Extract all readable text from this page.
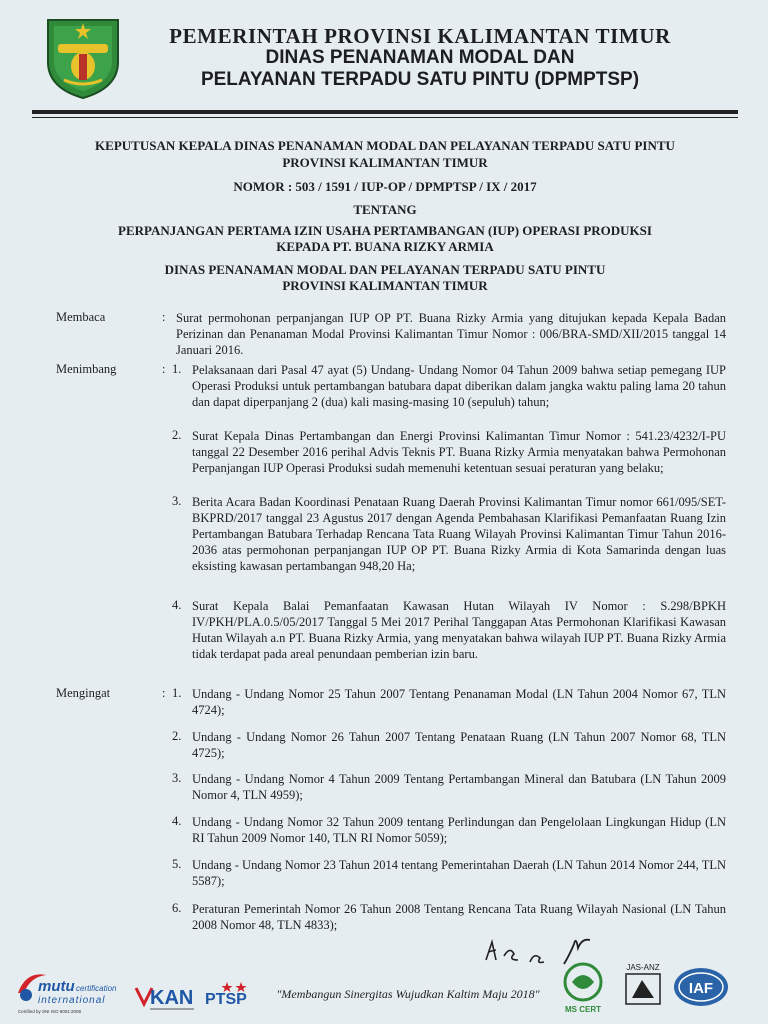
PEMERINTAH PROVINSI KALIMANTAN TIMUR
DINAS PENANAMAN MODAL DAN
PELAYANAN TERPADU SATU PINTU (DPMPTSP)
KEPUTUSAN KEPALA DINAS PENANAMAN MODAL DAN PELAYANAN TERPADU SATU PINTU
PROVINSI KALIMANTAN TIMUR
NOMOR : 503 / 1591 / IUP-OP / DPMPTSP / IX / 2017
TENTANG
PERPANJANGAN PERTAMA IZIN USAHA PERTAMBANGAN (IUP) OPERASI PRODUKSI
KEPADA PT. BUANA RIZKY ARMIA
DINAS PENANAMAN MODAL DAN PELAYANAN TERPADU SATU PINTU
PROVINSI KALIMANTAN TIMUR
Membaca	: Surat permohonan perpanjangan IUP OP PT. Buana Rizky Armia yang ditujukan kepada Kepala Badan Perizinan dan Penanaman Modal Provinsi Kalimantan Timur Nomor : 006/BRA-SMD/XII/2015 tanggal 14 Januari 2016.
Menimbang	: 1. Pelaksanaan dari Pasal 47 ayat (5) Undang- Undang Nomor 04 Tahun 2009 bahwa setiap pemegang IUP Operasi Produksi untuk pertambangan batubara dapat diberikan dalam jangka waktu paling lama 20 tahun dan dapat diperpanjang 2 (dua) kali masing-masing 10 (sepuluh) tahun;
2. Surat Kepala Dinas Pertambangan dan Energi Provinsi Kalimantan Timur Nomor : 541.23/4232/I-PU tanggal 22 Desember 2016 perihal Advis Teknis PT. Buana Rizky Armia menyatakan bahwa Permohonan Perpanjangan IUP Operasi Produksi sudah memenuhi ketentuan sesuai peraturan yang belaku;
3. Berita Acara Badan Koordinasi Penataan Ruang Daerah Provinsi Kalimantan Timur nomor 661/095/SET-BKPRD/2017 tanggal 23 Agustus 2017 dengan Agenda Pembahasan Klarifikasi Pemanfaatan Ruang Izin Pertambangan Batubara Terhadap Rencana Tata Ruang Wilayah Provinsi Kalimantan Timur Tahun 2016-2036 atas permohonan perpanjangan IUP OP PT. Buana Rizky Armia di Kota Samarinda dengan luas eksisting kawasan pertambangan 948,20 Ha;
4. Surat Kepala Balai Pemanfaatan Kawasan Hutan Wilayah IV Nomor : S.298/BPKH IV/PKH/PLA.0.5/05/2017 Tanggal 5 Mei 2017 Perihal Tanggapan Atas Permohonan Klarifikasi Kawasan Hutan Wilayah a.n PT. Buana Rizky Armia, yang menyatakan bahwa wilayah IUP PT. Buana Rizky Armia tidak terdapat pada areal penundaan pemberian izin baru.
Mengingat	: 1. Undang - Undang Nomor 25 Tahun 2007 Tentang Penanaman Modal (LN Tahun 2004 Nomor 67, TLN 4724);
2. Undang - Undang Nomor 26 Tahun 2007 Tentang Penataan Ruang (LN Tahun 2007 Nomor 68, TLN 4725);
3. Undang - Undang Nomor 4 Tahun 2009 Tentang Pertambangan Mineral dan Batubara (LN Tahun 2009 Nomor 4, TLN 4959);
4. Undang - Undang Nomor 32 Tahun 2009 tentang Perlindungan dan Pengelolaan Lingkungan Hidup (LN RI Tahun 2009 Nomor 140, TLN RI Nomor 5059);
5. Undang - Undang Nomor 23 Tahun 2014 tentang Pemerintahan Daerah (LN Tahun 2014 Nomor 244, TLN 5587);
6. Peraturan Pemerintah Nomor 26 Tahun 2008 Tentang Rencana Tata Ruang Wilayah Nasional (LN Tahun 2008 Nomor 48, TLN 4833);
mutu certification
international
Certified by SNI ISO 9001:2008
KAN PTSP	"Membangun Sinergitas Wujudkan Kaltim Maju 2018"
MS CERT
JAS-ANZ
IAF
